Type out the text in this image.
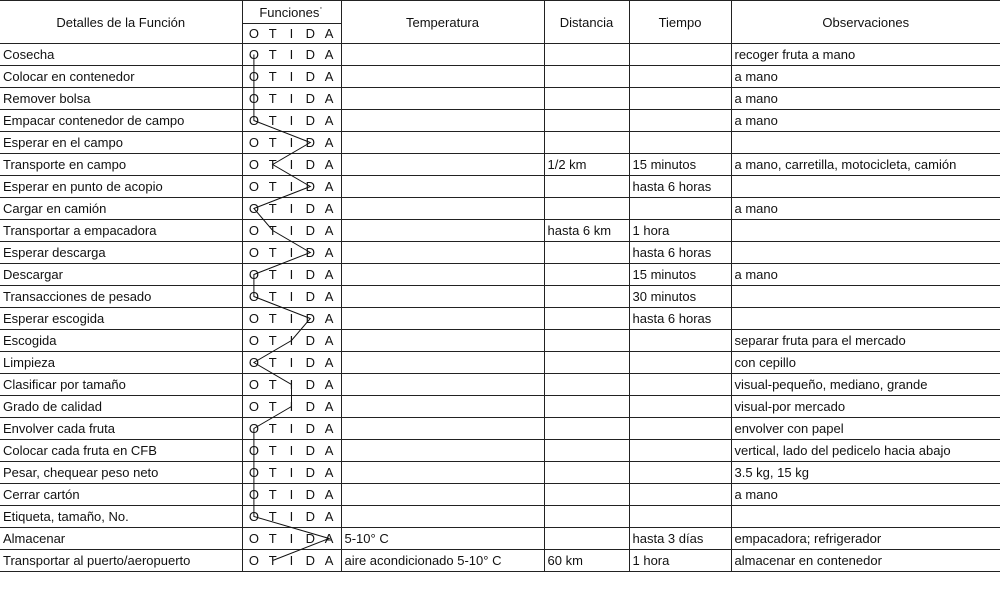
Detalles de la Función	Funciones˙	Temperatura	Distancia	Tiempo	Observaciones

	O T I D A				

Cosecha	O T I D A				recoger fruta a mano
Colocar en contenedor	O T I D A				a mano
Remover bolsa	O T I D A				a mano
Empacar contenedor de campo	O T I D A				a mano
Esperar en el campo	O T I D A				

Transporte en campo	O T I D A		1/2 km	15 minutos	a mano, carretilla, motocicleta, camión
Esperar en punto de acopio	O T I D A			hasta 6 horas	
Cargar en camión	O T I D A				a mano
Transportar a empacadora	O T I D A		hasta 6 km	1 hora	
Esperar descarga	O T I D A			hasta 6 horas	
Descargar	O T I D A			15 minutos	a mano
Transacciones de pesado	O T I D A			30 minutos	
Esperar escogida	O T I D A			hasta 6 horas	
Escogida	O T I D A				separar fruta para el mercado
Limpieza	O T I D A				con cepillo
Clasificar por tamaño	O T I D A				visual-pequeño, mediano, grande
Grado de calidad	O T I D A				visual-por mercado
Envolver cada fruta	O T I D A				envolver con papel
Colocar cada fruta en CFB	O T I D A				vertical, lado del pedicelo hacia abajo
Pesar, chequear peso neto	O T I D A				3.5 kg, 15 kg
Cerrar cartón	O T I D A				a mano
Etiqueta, tamaño, No.	O T I D A				

Almacenar	O T I D A	5-10° C		hasta 3 días	empacadora; refrigerador
Transportar al puerto/aeropuerto	O T I D A	aire acondicionado 5-10° C	60 km	1 hora	almacenar en contenedor
